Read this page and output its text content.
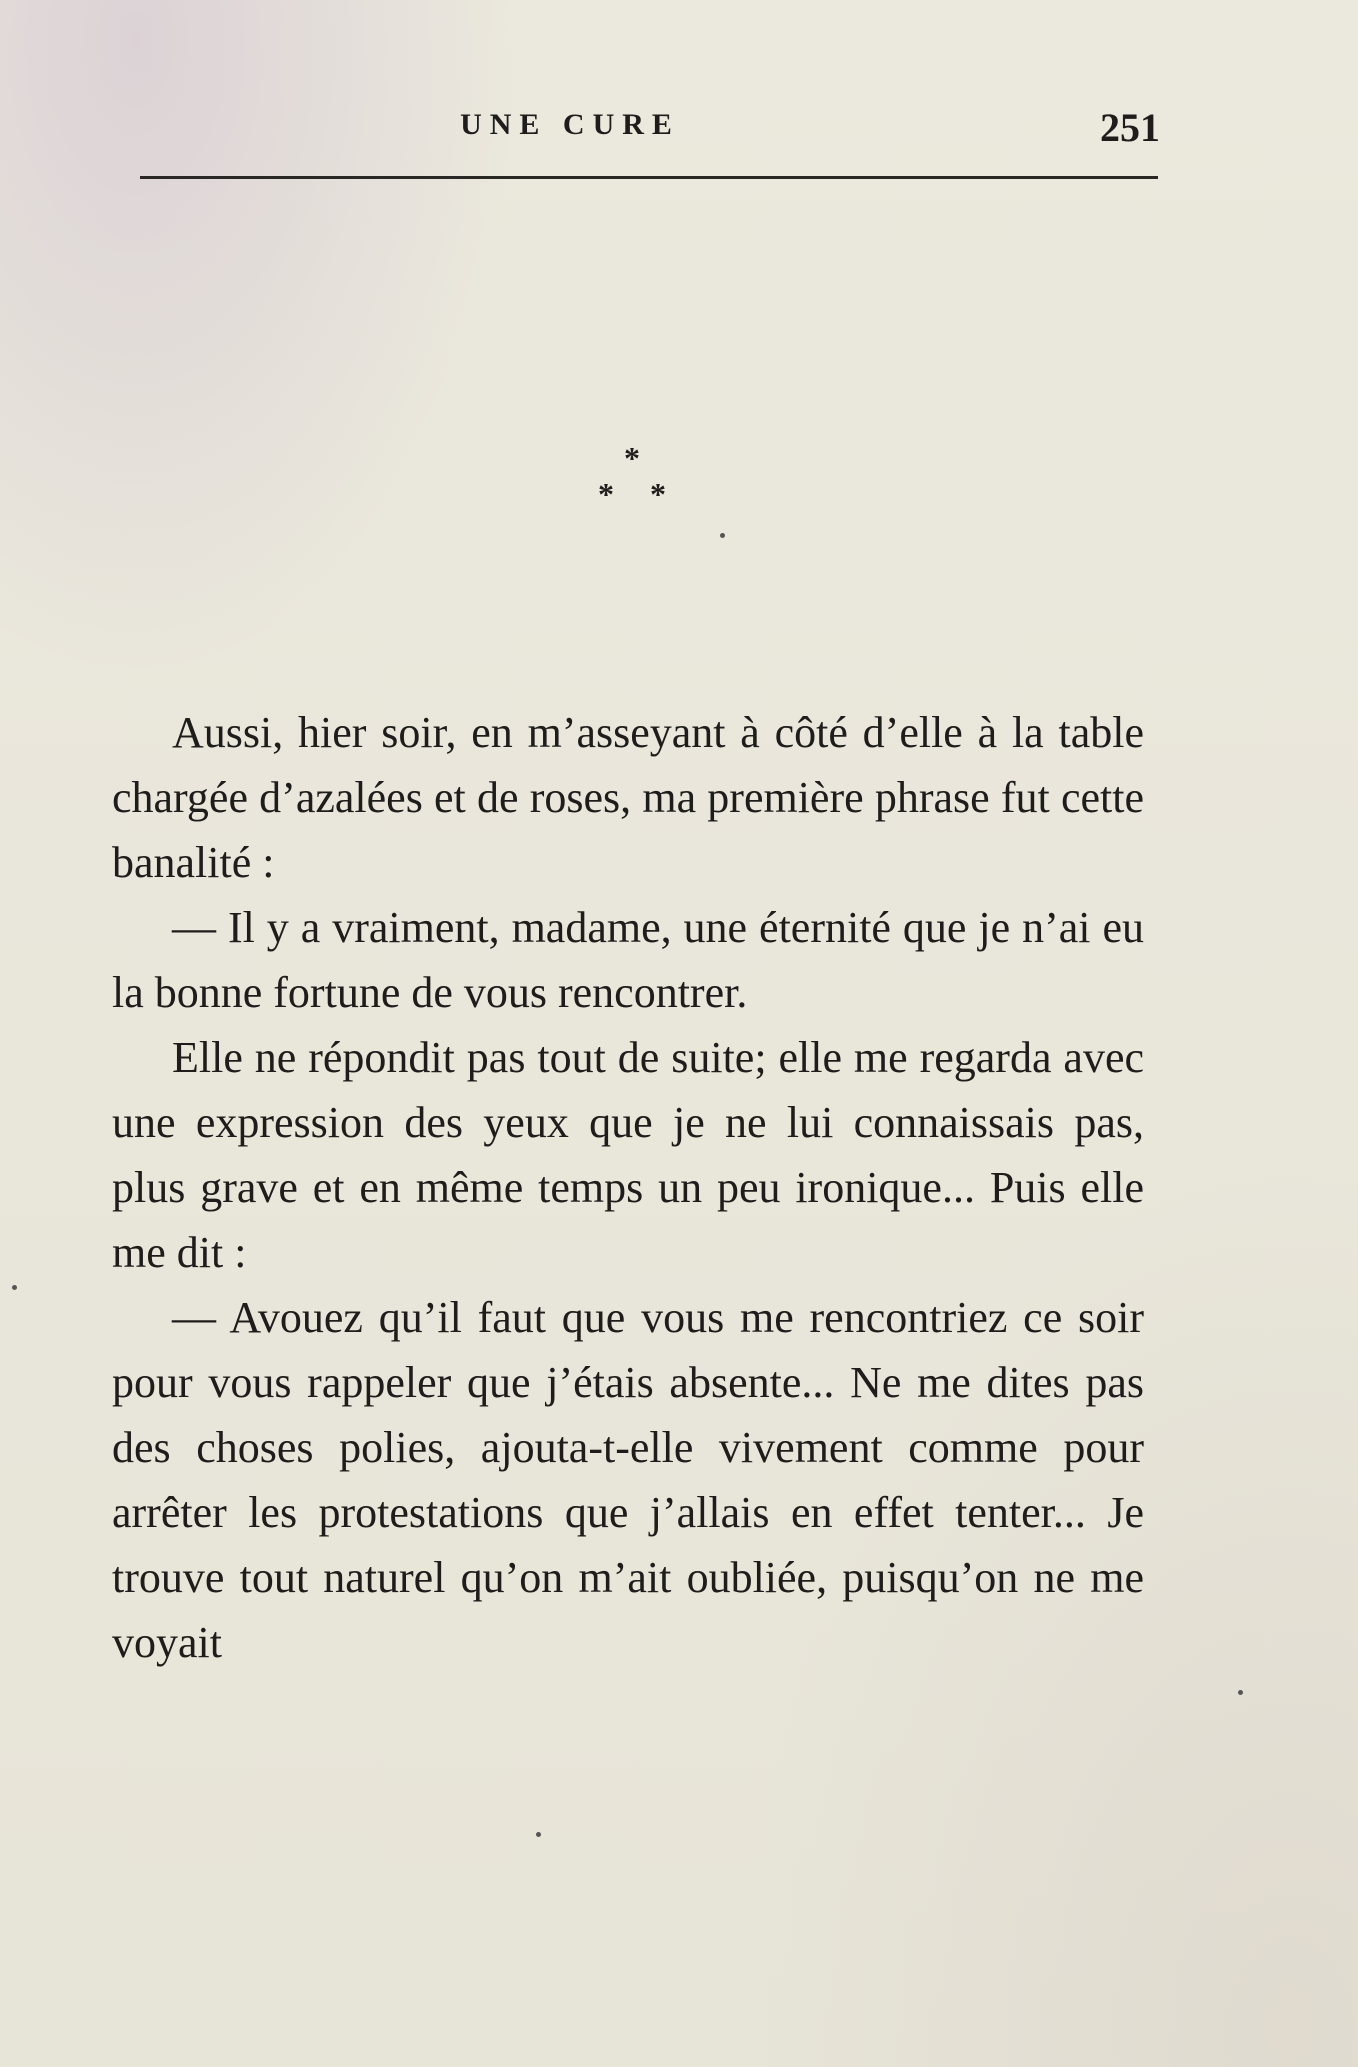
UNE CURE	251
*
* *

Aussi, hier soir, en m’asseyant à côté d’elle à la table chargée d’azalées et de roses, ma première phrase fut cette banalité :

— Il y a vraiment, madame, une éternité que je n’ai eu la bonne fortune de vous rencontrer.

Elle ne répondit pas tout de suite; elle me regarda avec une expression des yeux que je ne lui connaissais pas, plus grave et en même temps un peu ironique... Puis elle me dit :

— Avouez qu’il faut que vous me rencontriez ce soir pour vous rappeler que j’étais absente... Ne me dites pas des choses polies, ajouta-t-elle vivement comme pour arrêter les protestations que j’allais en effet tenter... Je trouve tout naturel qu’on m’ait oubliée, puisqu’on ne me voyait
